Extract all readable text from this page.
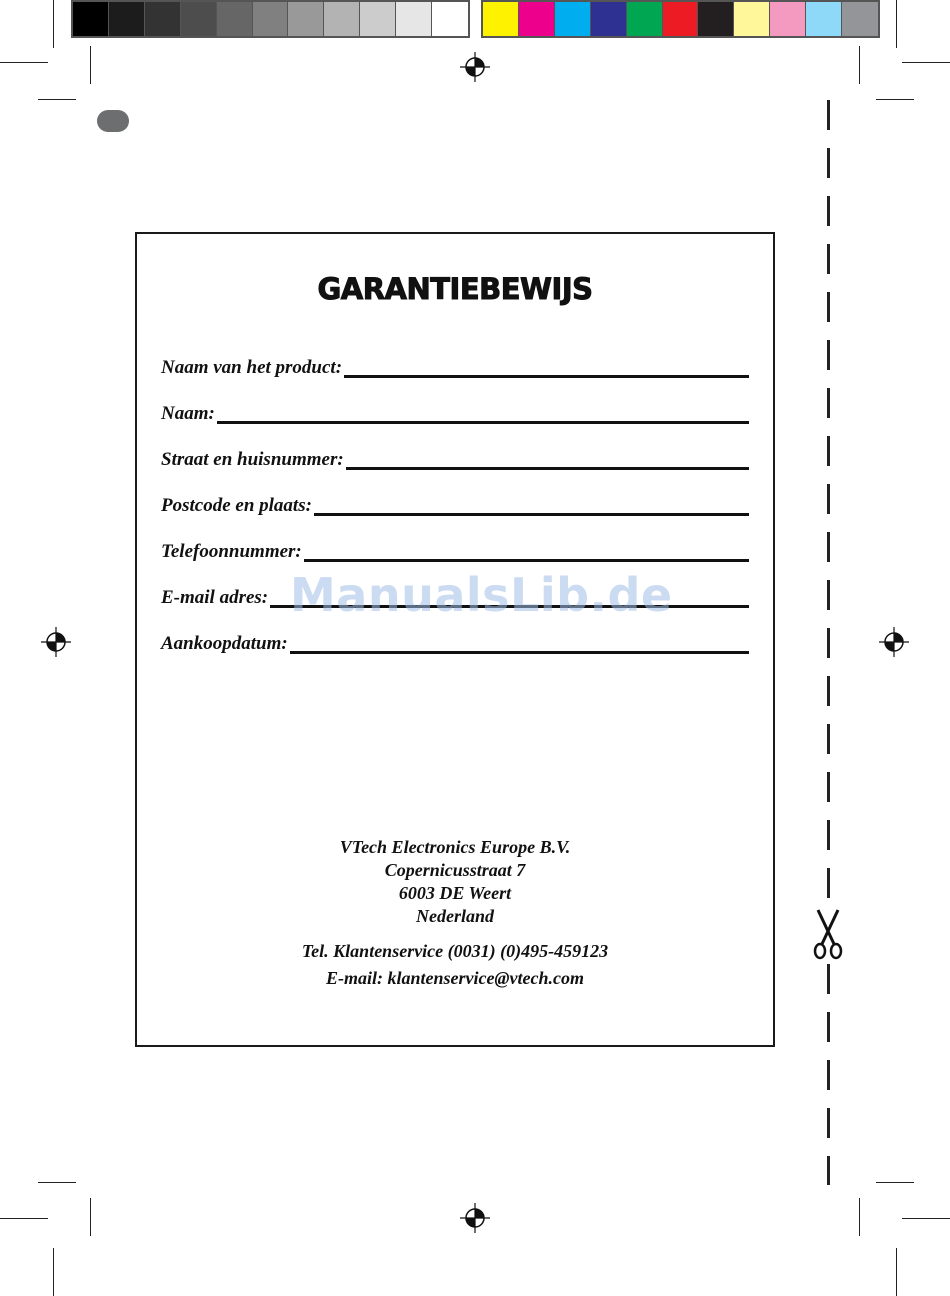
GARANTIEBEWIJS
Naam van het product:
Naam:
Straat en huisnummer:
Postcode en plaats:
Telefoonnummer:
E-mail adres:
Aankoopdatum:
VTech Electronics Europe B.V.
Copernicusstraat 7
6003 DE Weert
Nederland
Tel. Klantenservice (0031) (0)495-459123
E-mail: klantenservice@vtech.com
ManualsLib.de
